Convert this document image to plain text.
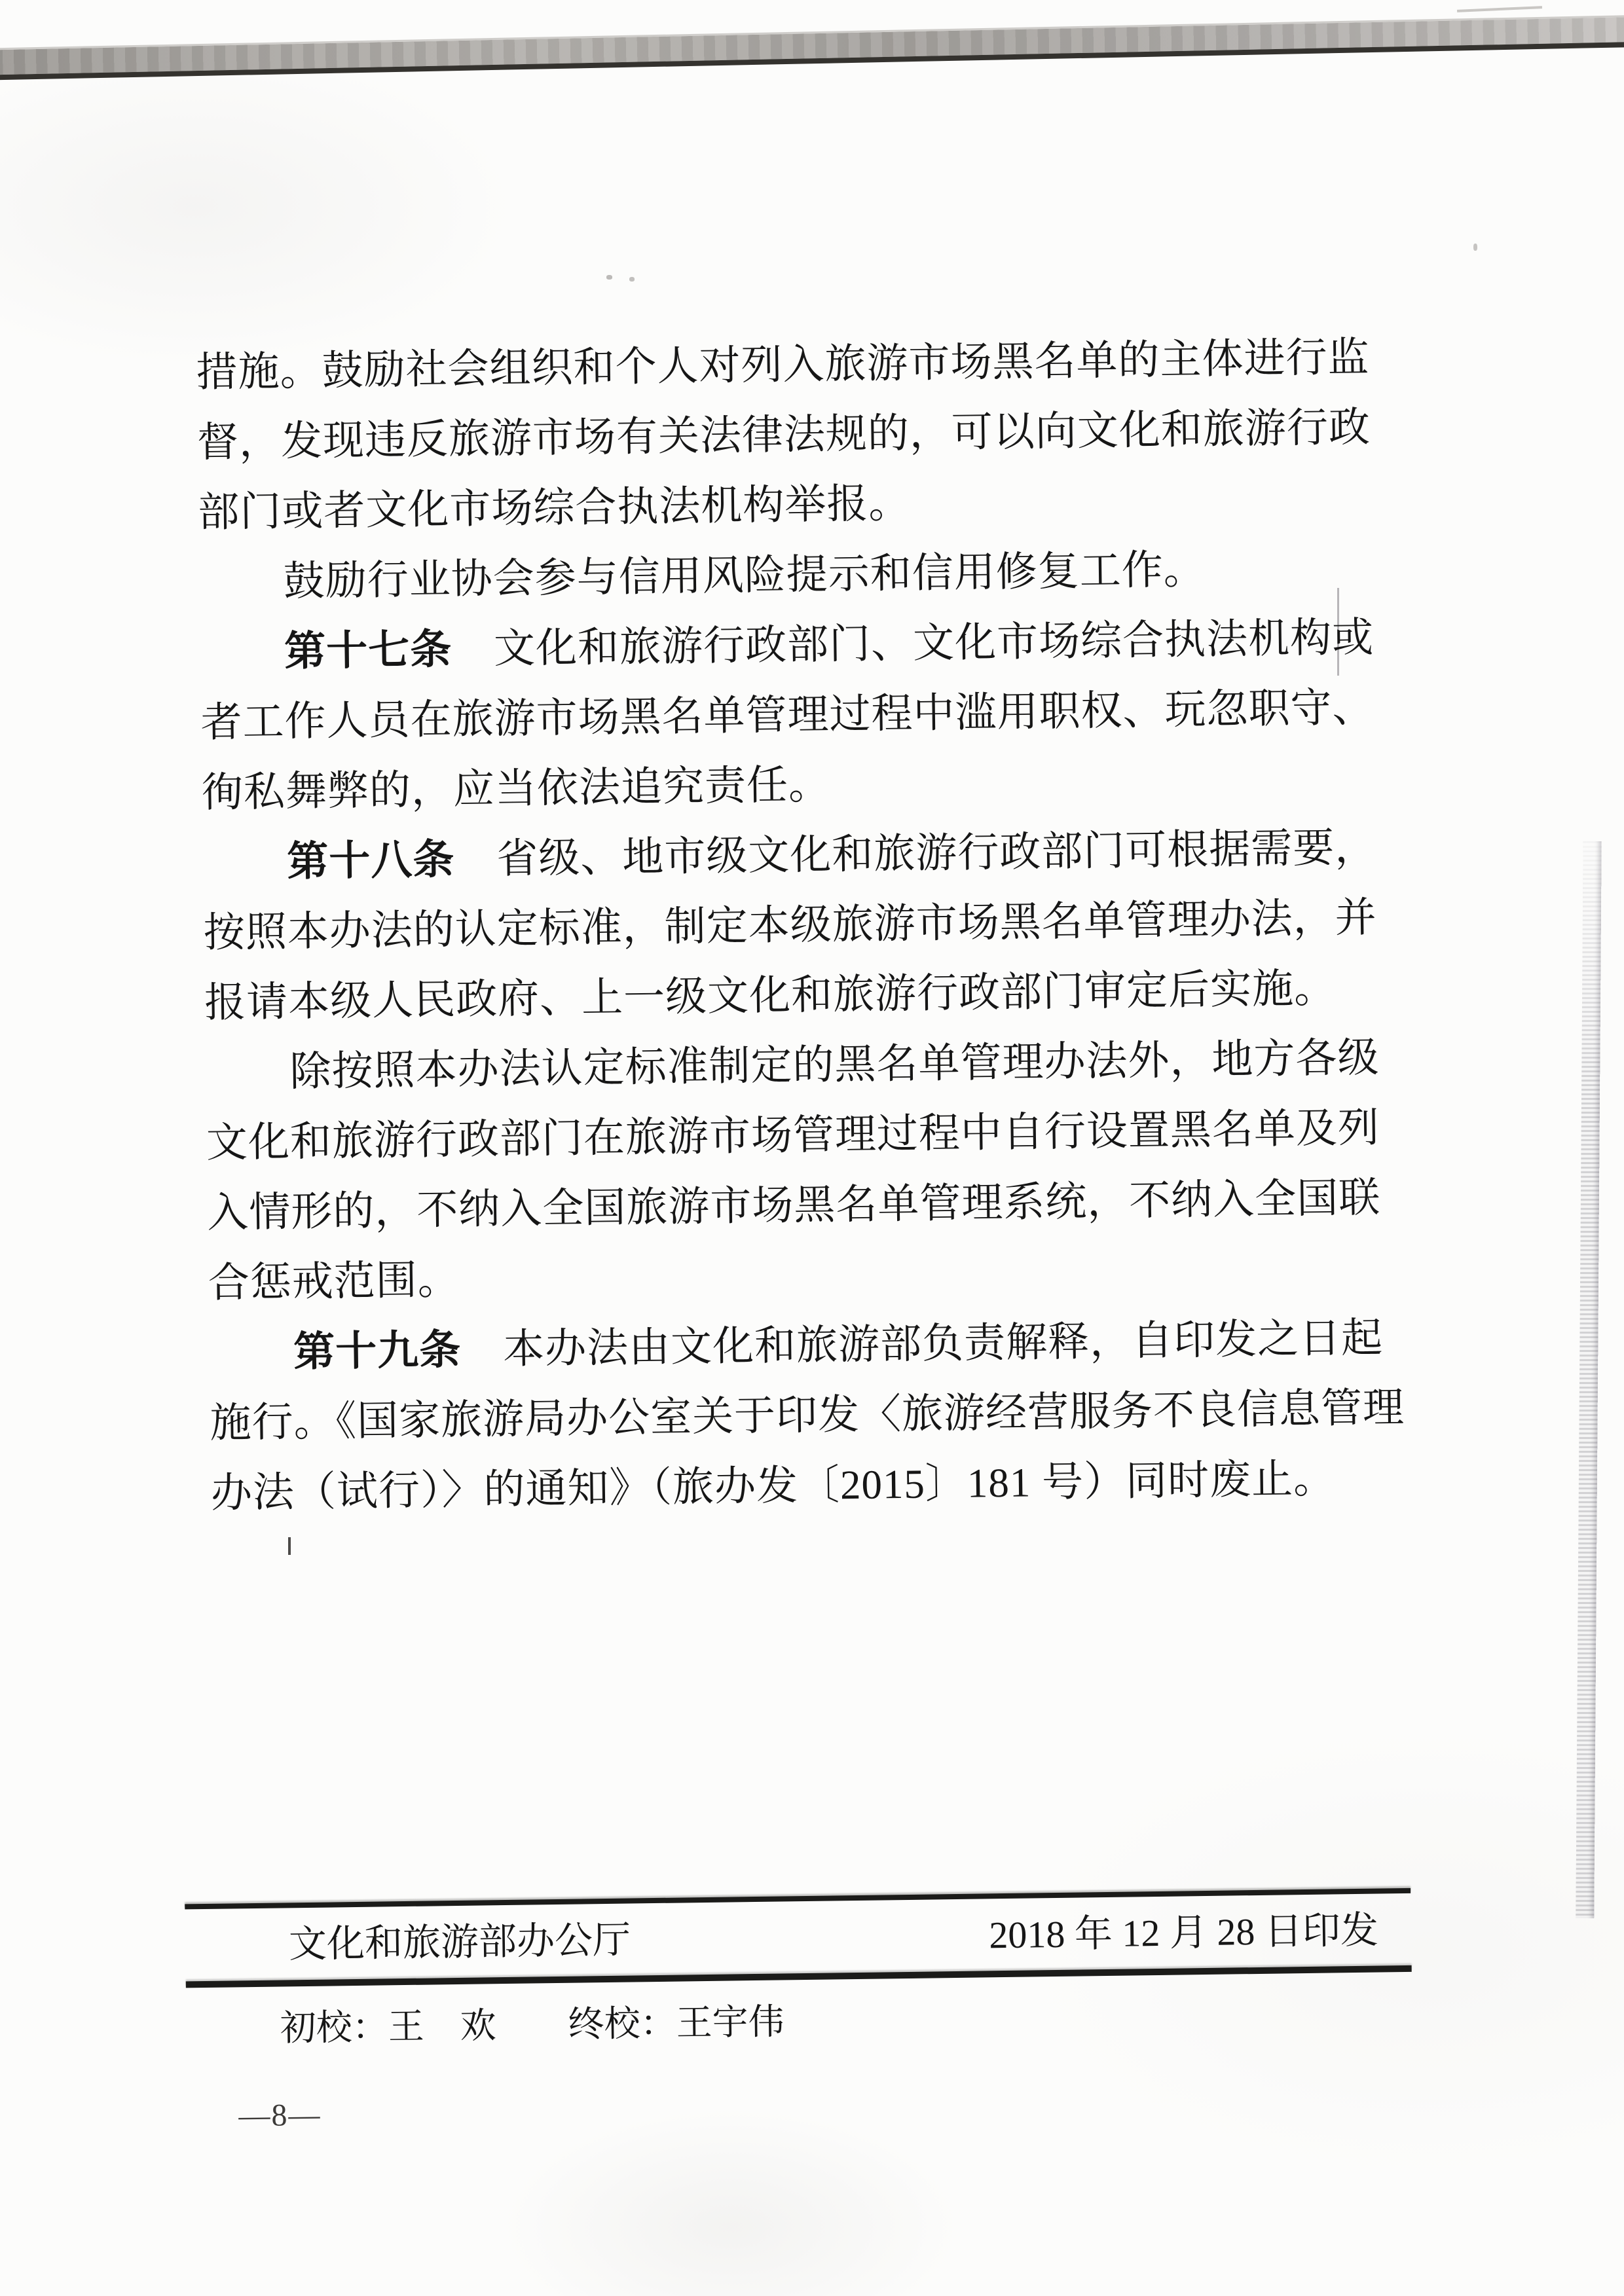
措施。鼓励社会组织和个人对列入旅游市场黑名单的主体进行监
督，发现违反旅游市场有关法律法规的，可以向文化和旅游行政
部门或者文化市场综合执法机构举报。
鼓励行业协会参与信用风险提示和信用修复工作。
第十七条　文化和旅游行政部门、文化市场综合执法机构或
者工作人员在旅游市场黑名单管理过程中滥用职权、玩忽职守、
徇私舞弊的，应当依法追究责任。
第十八条　省级、地市级文化和旅游行政部门可根据需要，
按照本办法的认定标准，制定本级旅游市场黑名单管理办法，并
报请本级人民政府、上一级文化和旅游行政部门审定后实施。
除按照本办法认定标准制定的黑名单管理办法外，地方各级
文化和旅游行政部门在旅游市场管理过程中自行设置黑名单及列
入情形的，不纳入全国旅游市场黑名单管理系统，不纳入全国联
合惩戒范围。
第十九条　本办法由文化和旅游部负责解释，自印发之日起
施行。《国家旅游局办公室关于印发〈旅游经营服务不良信息管理
办法（试行）〉的通知》（旅办发〔2015〕181 号）同时废止。
文化和旅游部办公厅	2018 年 12 月 28 日印发
初校：王　欢　　终校：王宇伟
—8—
